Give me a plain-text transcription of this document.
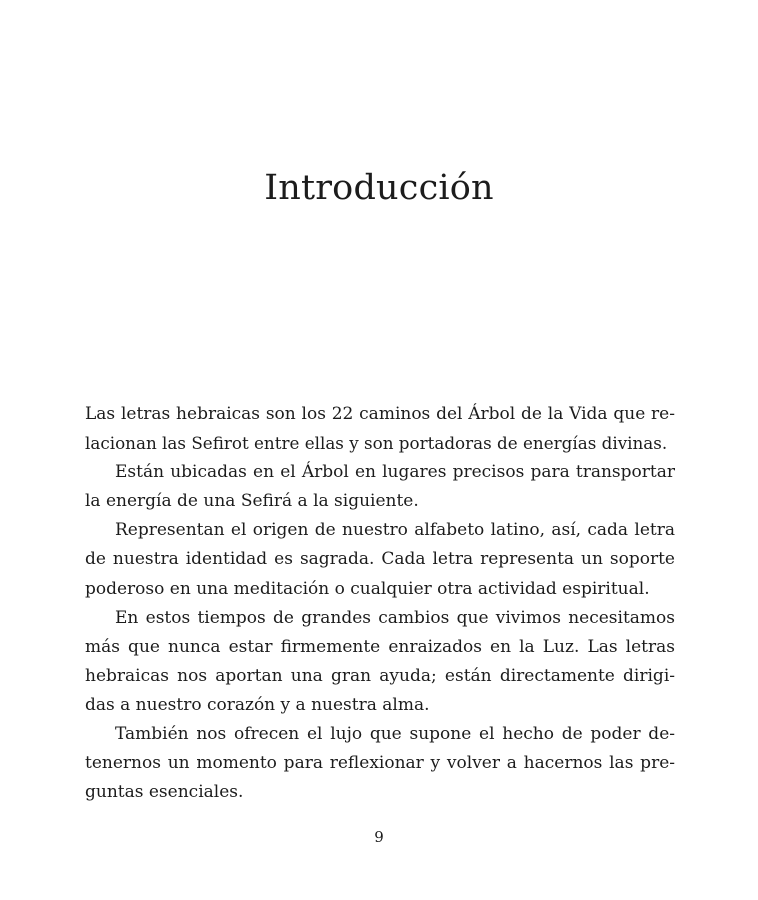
Introducción
Las letras hebraicas son los 22 caminos del Árbol de la Vida que re-
lacionan las Sefirot entre ellas y son portadoras de energías divinas.
Están ubicadas en el Árbol en lugares precisos para transportar
la energía de una Sefirá a la siguiente.
Representan el origen de nuestro alfabeto latino, así, cada letra
de nuestra identidad es sagrada. Cada letra representa un soporte
poderoso en una meditación o cualquier otra actividad espiritual.
En estos tiempos de grandes cambios que vivimos necesitamos
más que nunca estar firmemente enraizados en la Luz. Las letras
hebraicas nos aportan una gran ayuda; están directamente dirigi-
das a nuestro corazón y a nuestra alma.
También nos ofrecen el lujo que supone el hecho de poder de-
tenernos un momento para reflexionar y volver a hacernos las pre-
guntas esenciales.
9
